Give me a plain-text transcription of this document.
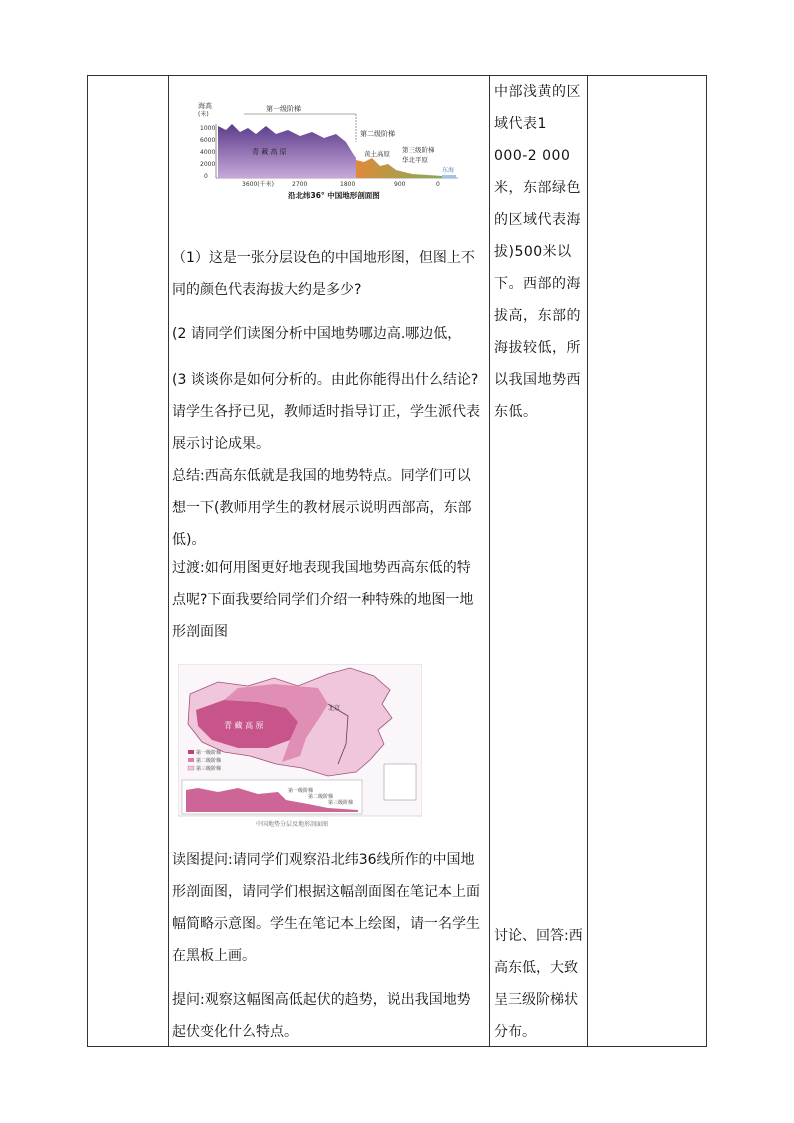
海高
(米)
1000
6000
4000
2000
0
第一级阶梯
第二级阶梯
第三级阶梯
青 藏 高 原	黄土高原
华北平原
东海
3600(千米)	2700	1800	900	0
沿北纬36° 中国地形剖面图
（1）这是一张分层设色的中国地形图，但图上不同的颜色代表海拔大约是多少?
(2 请同学们读图分析中国地势哪边高.哪边低，
(3 谈谈你是如何分析的。由此你能得出什么结论?请学生各抒已见，教师适时指导订正，学生派代表展示讨论成果。
总结:西高东低就是我国的地势特点。同学们可以想一下(教师用学生的教材展示说明西部高，东部低)。
过渡:如何用图更好地表现我国地势西高东低的特点呢?下面我要给同学们介绍一种特殊的地图一地形剖面图
青 藏 高 原
北京
第一级阶梯
第二级阶梯
第三级阶梯
第一级阶梯
第二级阶梯
第三级阶梯
中国地势分层及地形剖面图
读图提问:请同学们观察沿北纬36线所作的中国地形剖面图，请同学们根据这幅剖面图在笔记本上面幅简略示意图。学生在笔记本上绘图，请一名学生在黑板上画。
提问:观察这幅图高低起伏的趋势，说出我国地势起伏变化什么特点。
中部浅黄的区域代表1 000-2 000米，东部绿色的区域代表海拔)500米以下。西部的海拔高，东部的海拔较低，所以我国地势西东低。
讨论、回答:西高东低，大致呈三级阶梯状分布。
